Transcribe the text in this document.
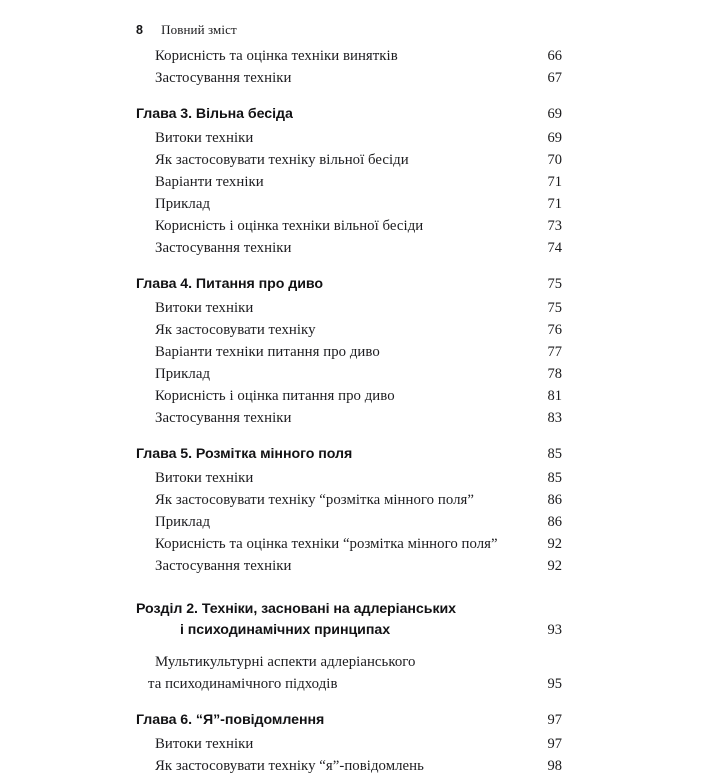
8 Повний зміст
Корисність та оцінка техніки винятків	66
Застосування техніки	67
Глава 3. Вільна бесіда	69
Витоки техніки	69
Як застосовувати техніку вільної бесіди	70
Варіанти техніки	71
Приклад	71
Корисність і оцінка техніки вільної бесіди	73
Застосування техніки	74
Глава 4. Питання про диво	75
Витоки техніки	75
Як застосовувати техніку	76
Варіанти техніки питання про диво	77
Приклад	78
Корисність і оцінка питання про диво	81
Застосування техніки	83
Глава 5. Розмітка мінного поля	85
Витоки техніки	85
Як застосовувати техніку “розмітка мінного поля”	86
Приклад	86
Корисність та оцінка техніки “розмітка мінного поля”	92
Застосування техніки	92
Розділ 2. Техніки, засновані на адлеріанських
і психодинамічних принципах	93
Мультикультурні аспекти адлеріанського
та психодинамічного підходів	95
Глава 6. “Я”-повідомлення	97
Витоки техніки	97
Як застосовувати техніку “я”-повідомлень	98
